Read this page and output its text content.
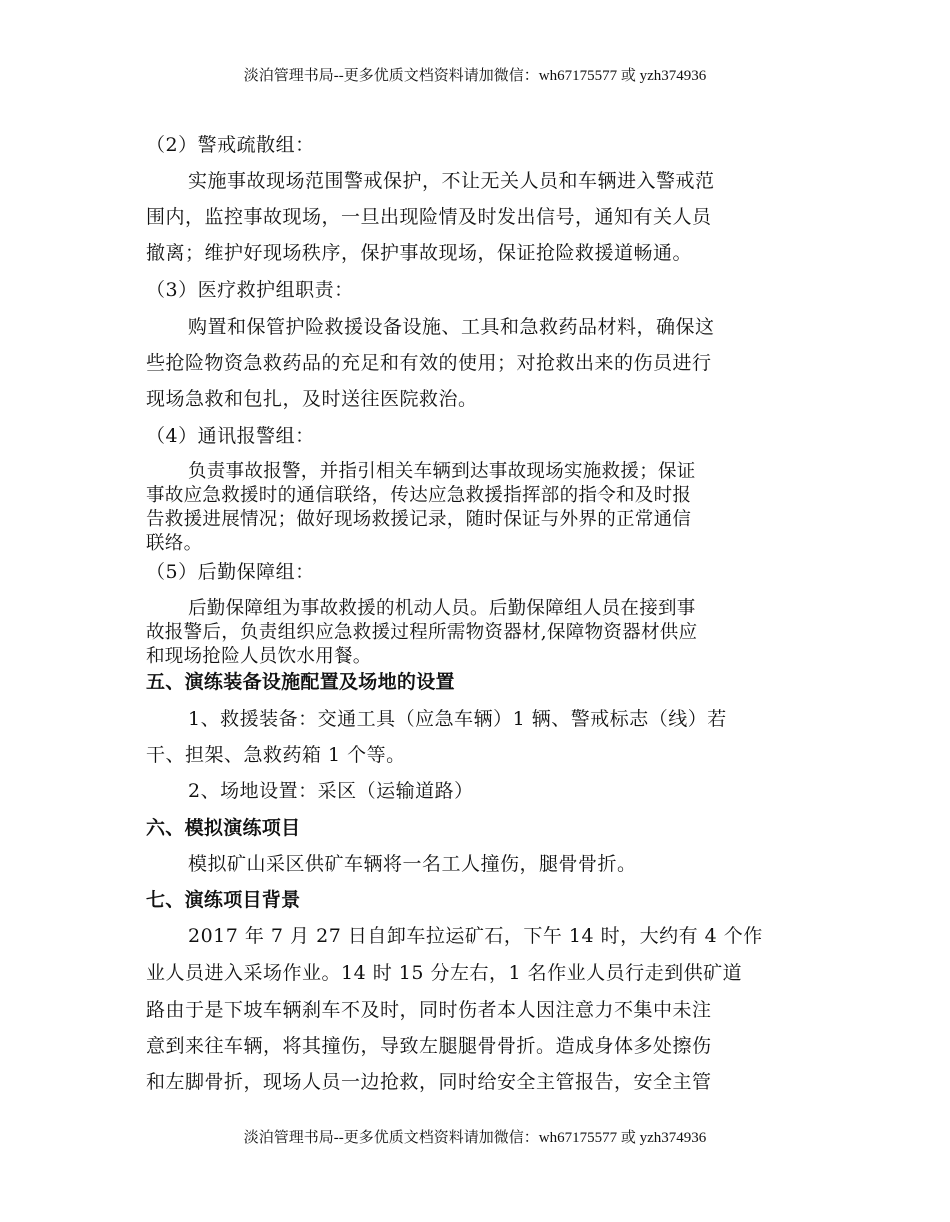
淡泊管理书局--更多优质文档资料请加微信：wh67175577 或 yzh374936
（2）警戒疏散组：
实施事故现场范围警戒保护，不让无关人员和车辆进入警戒范
围内，监控事故现场，一旦出现险情及时发出信号，通知有关人员
撤离；维护好现场秩序，保护事故现场，保证抢险救援道畅通。
（3）医疗救护组职责：
购置和保管护险救援设备设施、工具和急救药品材料，确保这
些抢险物资急救药品的充足和有效的使用；对抢救出来的伤员进行
现场急救和包扎，及时送往医院救治。
（4）通讯报警组：
负责事故报警，并指引相关车辆到达事故现场实施救援；保证
事故应急救援时的通信联络，传达应急救援指挥部的指令和及时报
告救援进展情况；做好现场救援记录，随时保证与外界的正常通信
联络。
（5）后勤保障组：
后勤保障组为事故救援的机动人员。后勤保障组人员在接到事
故报警后，负责组织应急救援过程所需物资器材,保障物资器材供应
和现场抢险人员饮水用餐。
五、演练装备设施配置及场地的设置
1、救援装备：交通工具（应急车辆）1 辆、警戒标志（线）若
干、担架、急救药箱 1 个等。
2、场地设置：采区（运输道路）
六、模拟演练项目
模拟矿山采区供矿车辆将一名工人撞伤，腿骨骨折。
七、演练项目背景
2017 年 7 月 27 日自卸车拉运矿石，下午 14 时，大约有 4 个作
业人员进入采场作业。14 时 15 分左右，1 名作业人员行走到供矿道
路由于是下坡车辆刹车不及时，同时伤者本人因注意力不集中未注
意到来往车辆，将其撞伤，导致左腿腿骨骨折。造成身体多处擦伤
和左脚骨折，现场人员一边抢救，同时给安全主管报告，安全主管
淡泊管理书局--更多优质文档资料请加微信：wh67175577 或 yzh374936
